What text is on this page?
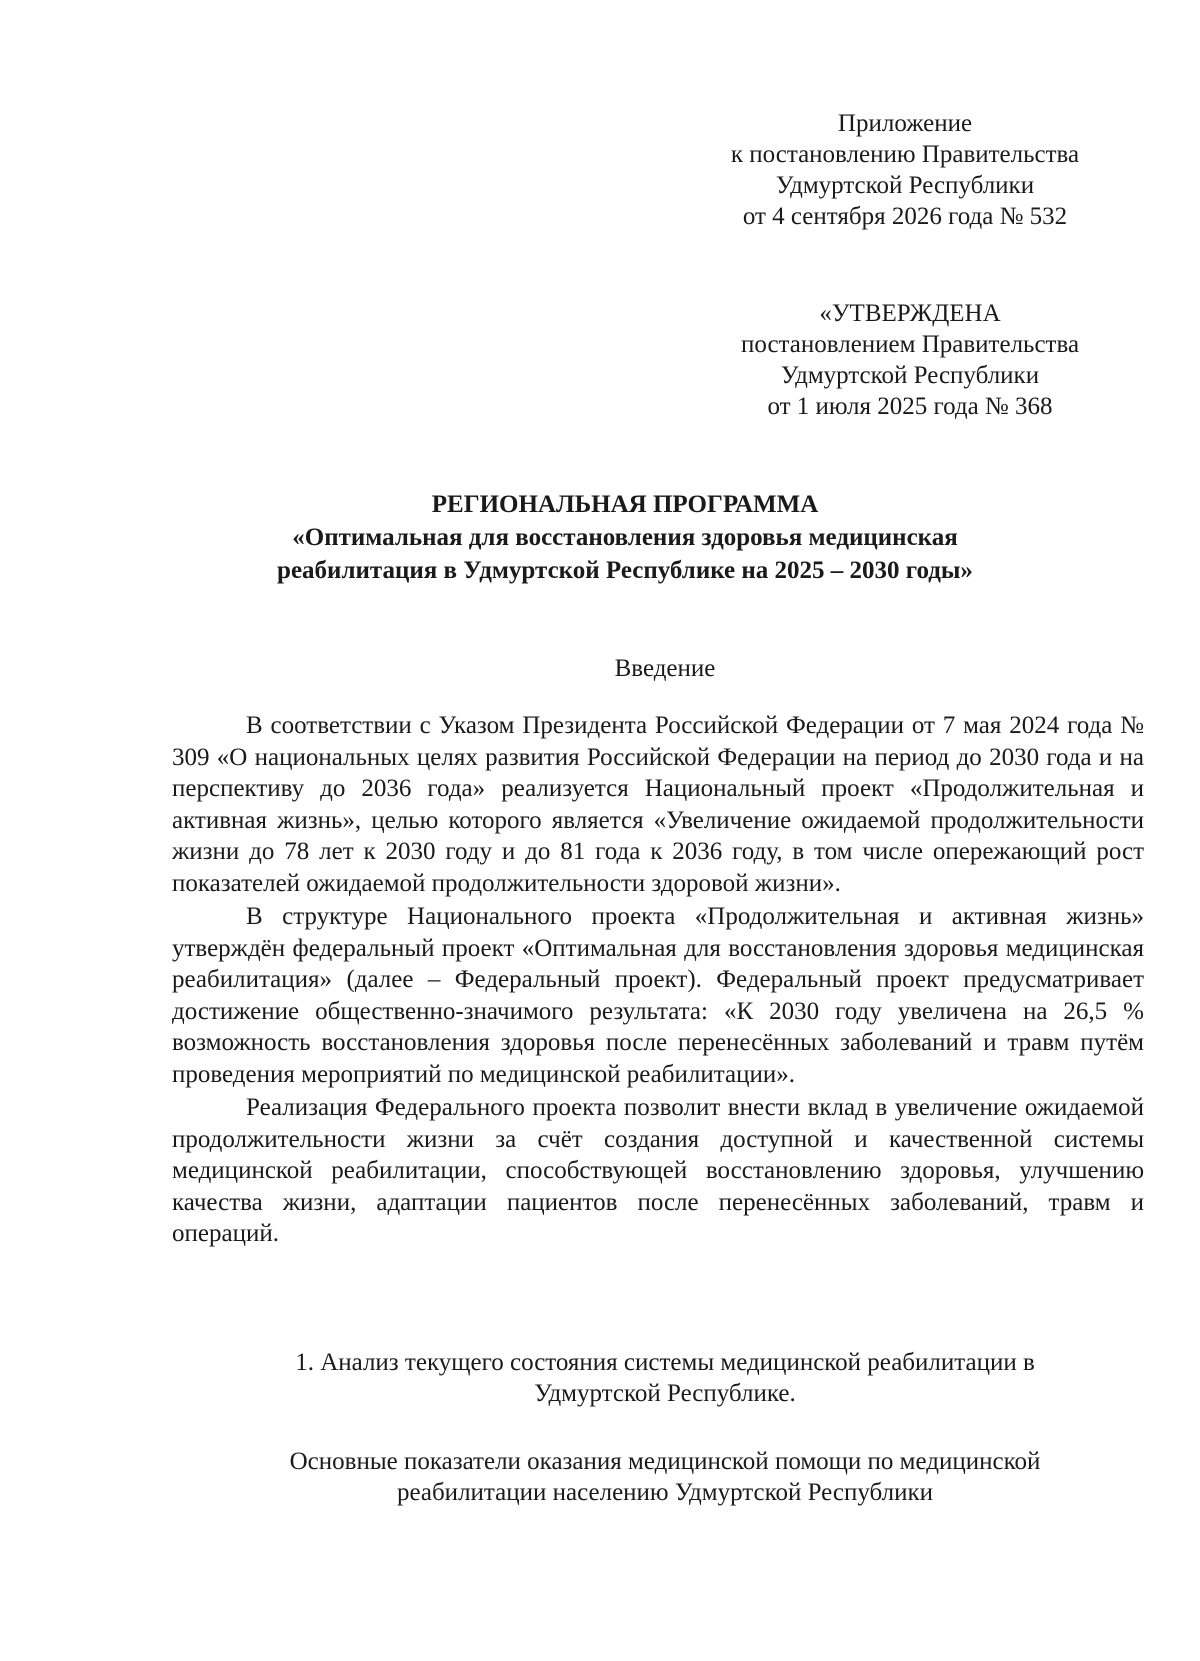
Приложение
к постановлению Правительства
Удмуртской Республики
от 4 сентября 2026 года № 532
«УТВЕРЖДЕНА
постановлением Правительства
Удмуртской Республики
от 1 июля 2025 года № 368
РЕГИОНАЛЬНАЯ ПРОГРАММА
«Оптимальная для восстановления здоровья медицинская
реабилитация в Удмуртской Республике на 2025 – 2030 годы»
Введение

В соответствии с Указом Президента Российской Федерации от 7 мая 2024 года № 309 «О национальных целях развития Российской Федерации на период до 2030 года и на перспективу до 2036 года» реализуется Национальный проект «Продолжительная и активная жизнь», целью которого является «Увеличение ожидаемой продолжительности жизни до 78 лет к 2030 году и до 81 года к 2036 году, в том числе опережающий рост показателей ожидаемой продолжительности здоровой жизни».

В структуре Национального проекта «Продолжительная и активная жизнь» утверждён федеральный проект «Оптимальная для восстановления здоровья медицинская реабилитация» (далее – Федеральный проект). Федеральный проект предусматривает достижение общественно-значимого результата: «К 2030 году увеличена на 26,5 % возможность восстановления здоровья после перенесённых заболеваний и травм путём проведения мероприятий по медицинской реабилитации».

Реализация Федерального проекта позволит внести вклад в увеличение ожидаемой продолжительности жизни за счёт создания доступной и качественной системы медицинской реабилитации, способствующей восстановлению здоровья, улучшению качества жизни, адаптации пациентов после перенесённых заболеваний, травм и операций.

1. Анализ текущего состояния системы медицинской реабилитации в
Удмуртской Республике.
Основные показатели оказания медицинской помощи по медицинской
реабилитации населению Удмуртской Республики
